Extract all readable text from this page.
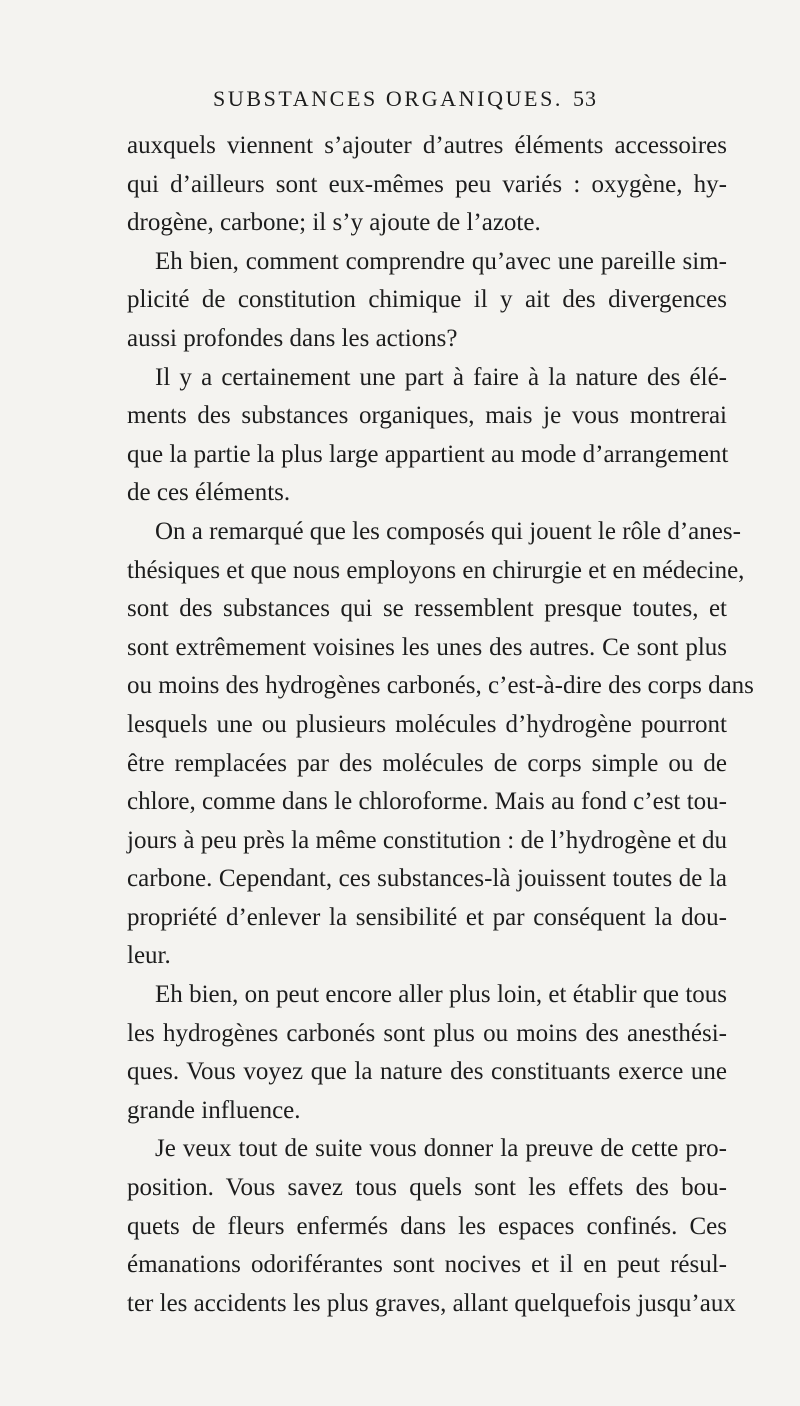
SUBSTANCES ORGANIQUES. 53
auxquels viennent s’ajouter d’autres éléments accessoires
qui d’ailleurs sont eux-mêmes peu variés : oxygène, hy-
drogène, carbone; il s’y ajoute de l’azote.
Eh bien, comment comprendre qu’avec une pareille sim-
plicité de constitution chimique il y ait des divergences
aussi profondes dans les actions?
Il y a certainement une part à faire à la nature des élé-
ments des substances organiques, mais je vous montrerai
que la partie la plus large appartient au mode d’arrangement
de ces éléments.
On a remarqué que les composés qui jouent le rôle d’anes-
thésiques et que nous employons en chirurgie et en médecine,
sont des substances qui se ressemblent presque toutes, et
sont extrêmement voisines les unes des autres. Ce sont plus
ou moins des hydrogènes carbonés, c’est-à-dire des corps dans
lesquels une ou plusieurs molécules d’hydrogène pourront
être remplacées par des molécules de corps simple ou de
chlore, comme dans le chloroforme. Mais au fond c’est tou-
jours à peu près la même constitution : de l’hydrogène et du
carbone. Cependant, ces substances-là jouissent toutes de la
propriété d’enlever la sensibilité et par conséquent la dou-
leur.
Eh bien, on peut encore aller plus loin, et établir que tous
les hydrogènes carbonés sont plus ou moins des anesthési-
ques. Vous voyez que la nature des constituants exerce une
grande influence.
Je veux tout de suite vous donner la preuve de cette pro-
position. Vous savez tous quels sont les effets des bou-
quets de fleurs enfermés dans les espaces confinés. Ces
émanations odoriférantes sont nocives et il en peut résul-
ter les accidents les plus graves, allant quelquefois jusqu’aux
